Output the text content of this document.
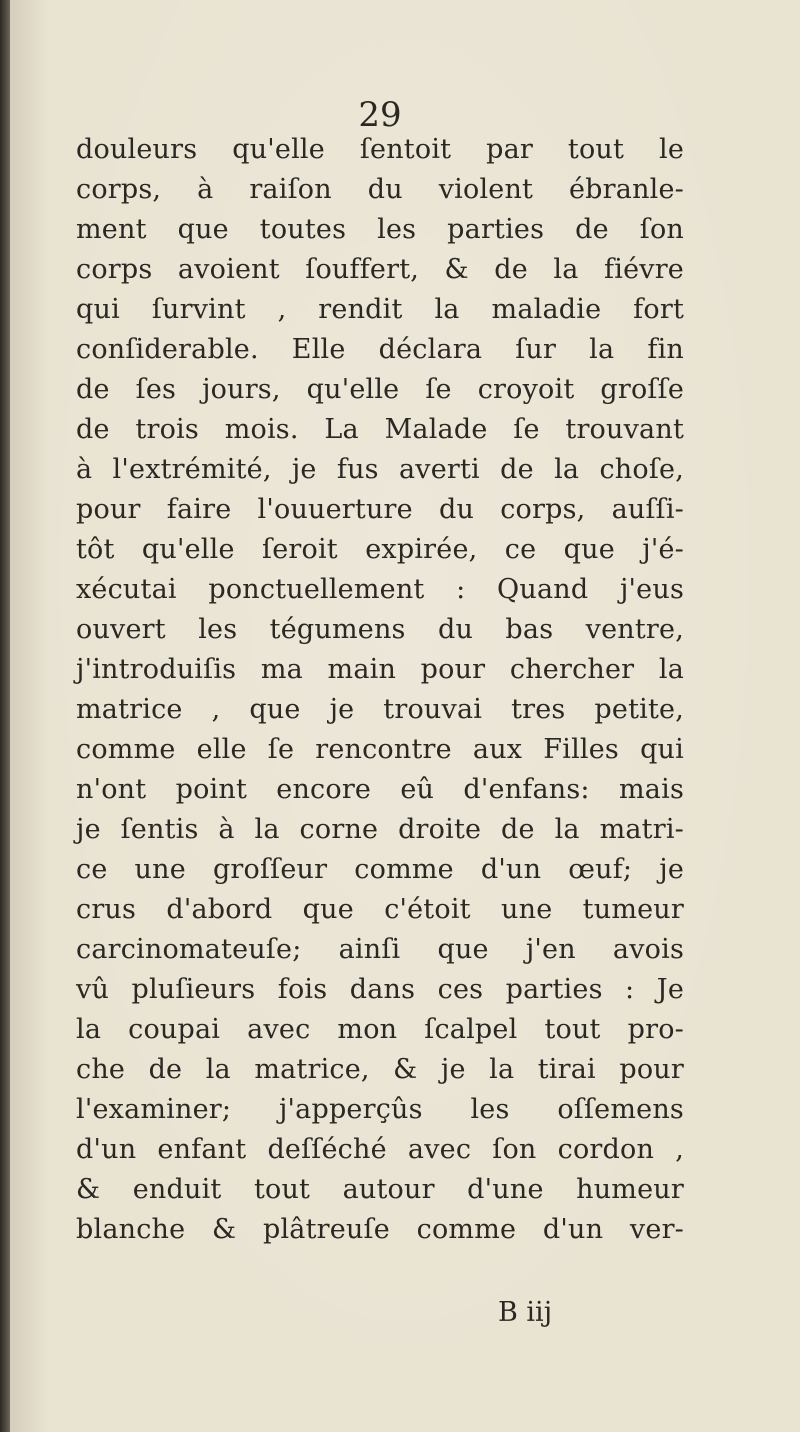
29
douleurs qu'elle ſentoit par tout le
corps, à raiſon du violent ébranle-
ment que toutes les parties de ſon
corps avoient ſouffert, & de la fiévre
qui ſurvint , rendit la maladie fort
conſiderable. Elle déclara ſur la fin
de ſes jours, qu'elle ſe croyoit groſſe
de trois mois. La Malade ſe trouvant
à l'extrémité, je fus averti de la choſe,
pour faire l'ouuerture du corps, auſſi-
tôt qu'elle ſeroit expirée, ce que j'é-
xécutai ponctuellement : Quand j'eus
ouvert les tégumens du bas ventre,
j'introduiſis ma main pour chercher la
matrice , que je trouvai tres petite,
comme elle ſe rencontre aux Filles qui
n'ont point encore eû d'enfans: mais
je ſentis à la corne droite de la matri-
ce une groſſeur comme d'un œuf; je
crus d'abord que c'étoit une tumeur
carcinomateuſe; ainſi que j'en avois
vû pluſieurs fois dans ces parties : Je
la coupai avec mon ſcalpel tout pro-
che de la matrice, & je la tirai pour
l'examiner; j'apperçûs les oſſemens
d'un enfant deſſéché avec ſon cordon ,
& enduit tout autour d'une humeur
blanche & plâtreuſe comme d'un ver-
B iij
